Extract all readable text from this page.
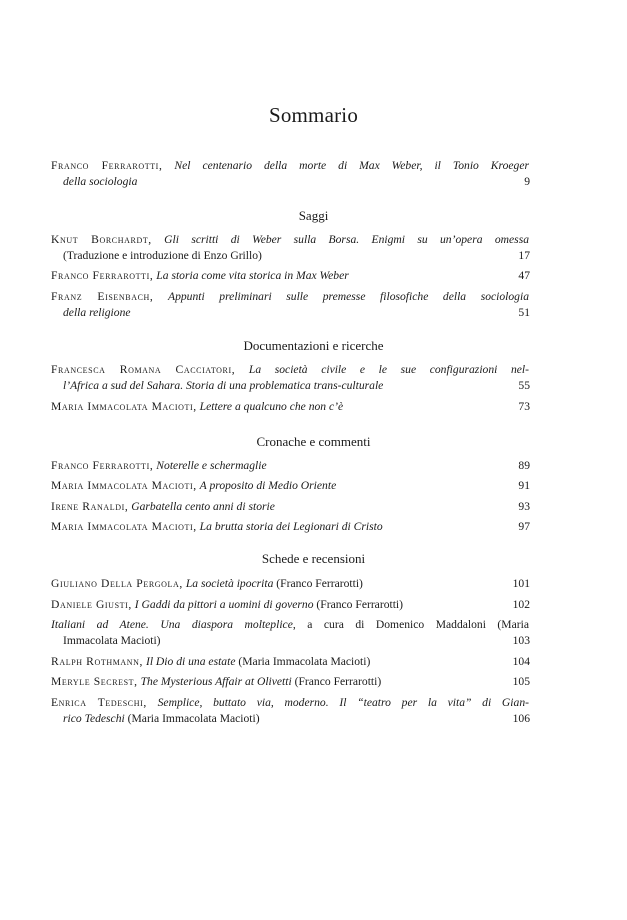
Sommario
Franco Ferrarotti, Nel centenario della morte di Max Weber, il Tonio Kroeger
della sociologia	9
Saggi
Knut Borchardt, Gli scritti di Weber sulla Borsa. Enigmi su un’opera omessa
(Traduzione e introduzione di Enzo Grillo)	17
Franco Ferrarotti, La storia come vita storica in Max Weber	47
Franz Eisenbach, Appunti preliminari sulle premesse filosofiche della sociologia
della religione	51
Documentazioni e ricerche
Francesca Romana Cacciatori, La società civile e le sue configurazioni nel-
l’Africa a sud del Sahara. Storia di una problematica trans-culturale	55
Maria Immacolata Macioti, Lettere a qualcuno che non c’è	73
Cronache e commenti
Franco Ferrarotti, Noterelle e schermaglie	89
Maria Immacolata Macioti, A proposito di Medio Oriente	91
Irene Ranaldi, Garbatella cento anni di storie	93
Maria Immacolata Macioti, La brutta storia dei Legionari di Cristo	97
Schede e recensioni
Giuliano Della Pergola, La società ipocrita (Franco Ferrarotti)	101
Daniele Giusti, I Gaddi da pittori a uomini di governo (Franco Ferrarotti)	102
Italiani ad Atene. Una diaspora molteplice, a cura di Domenico Maddaloni (Maria
Immacolata Macioti)	103
Ralph Rothmann, Il Dio di una estate (Maria Immacolata Macioti)	104
Meryle Secrest, The Mysterious Affair at Olivetti (Franco Ferrarotti)	105
Enrica Tedeschi, Semplice, buttato via, moderno. Il “teatro per la vita” di Gian-
rico Tedeschi (Maria Immacolata Macioti)	106
